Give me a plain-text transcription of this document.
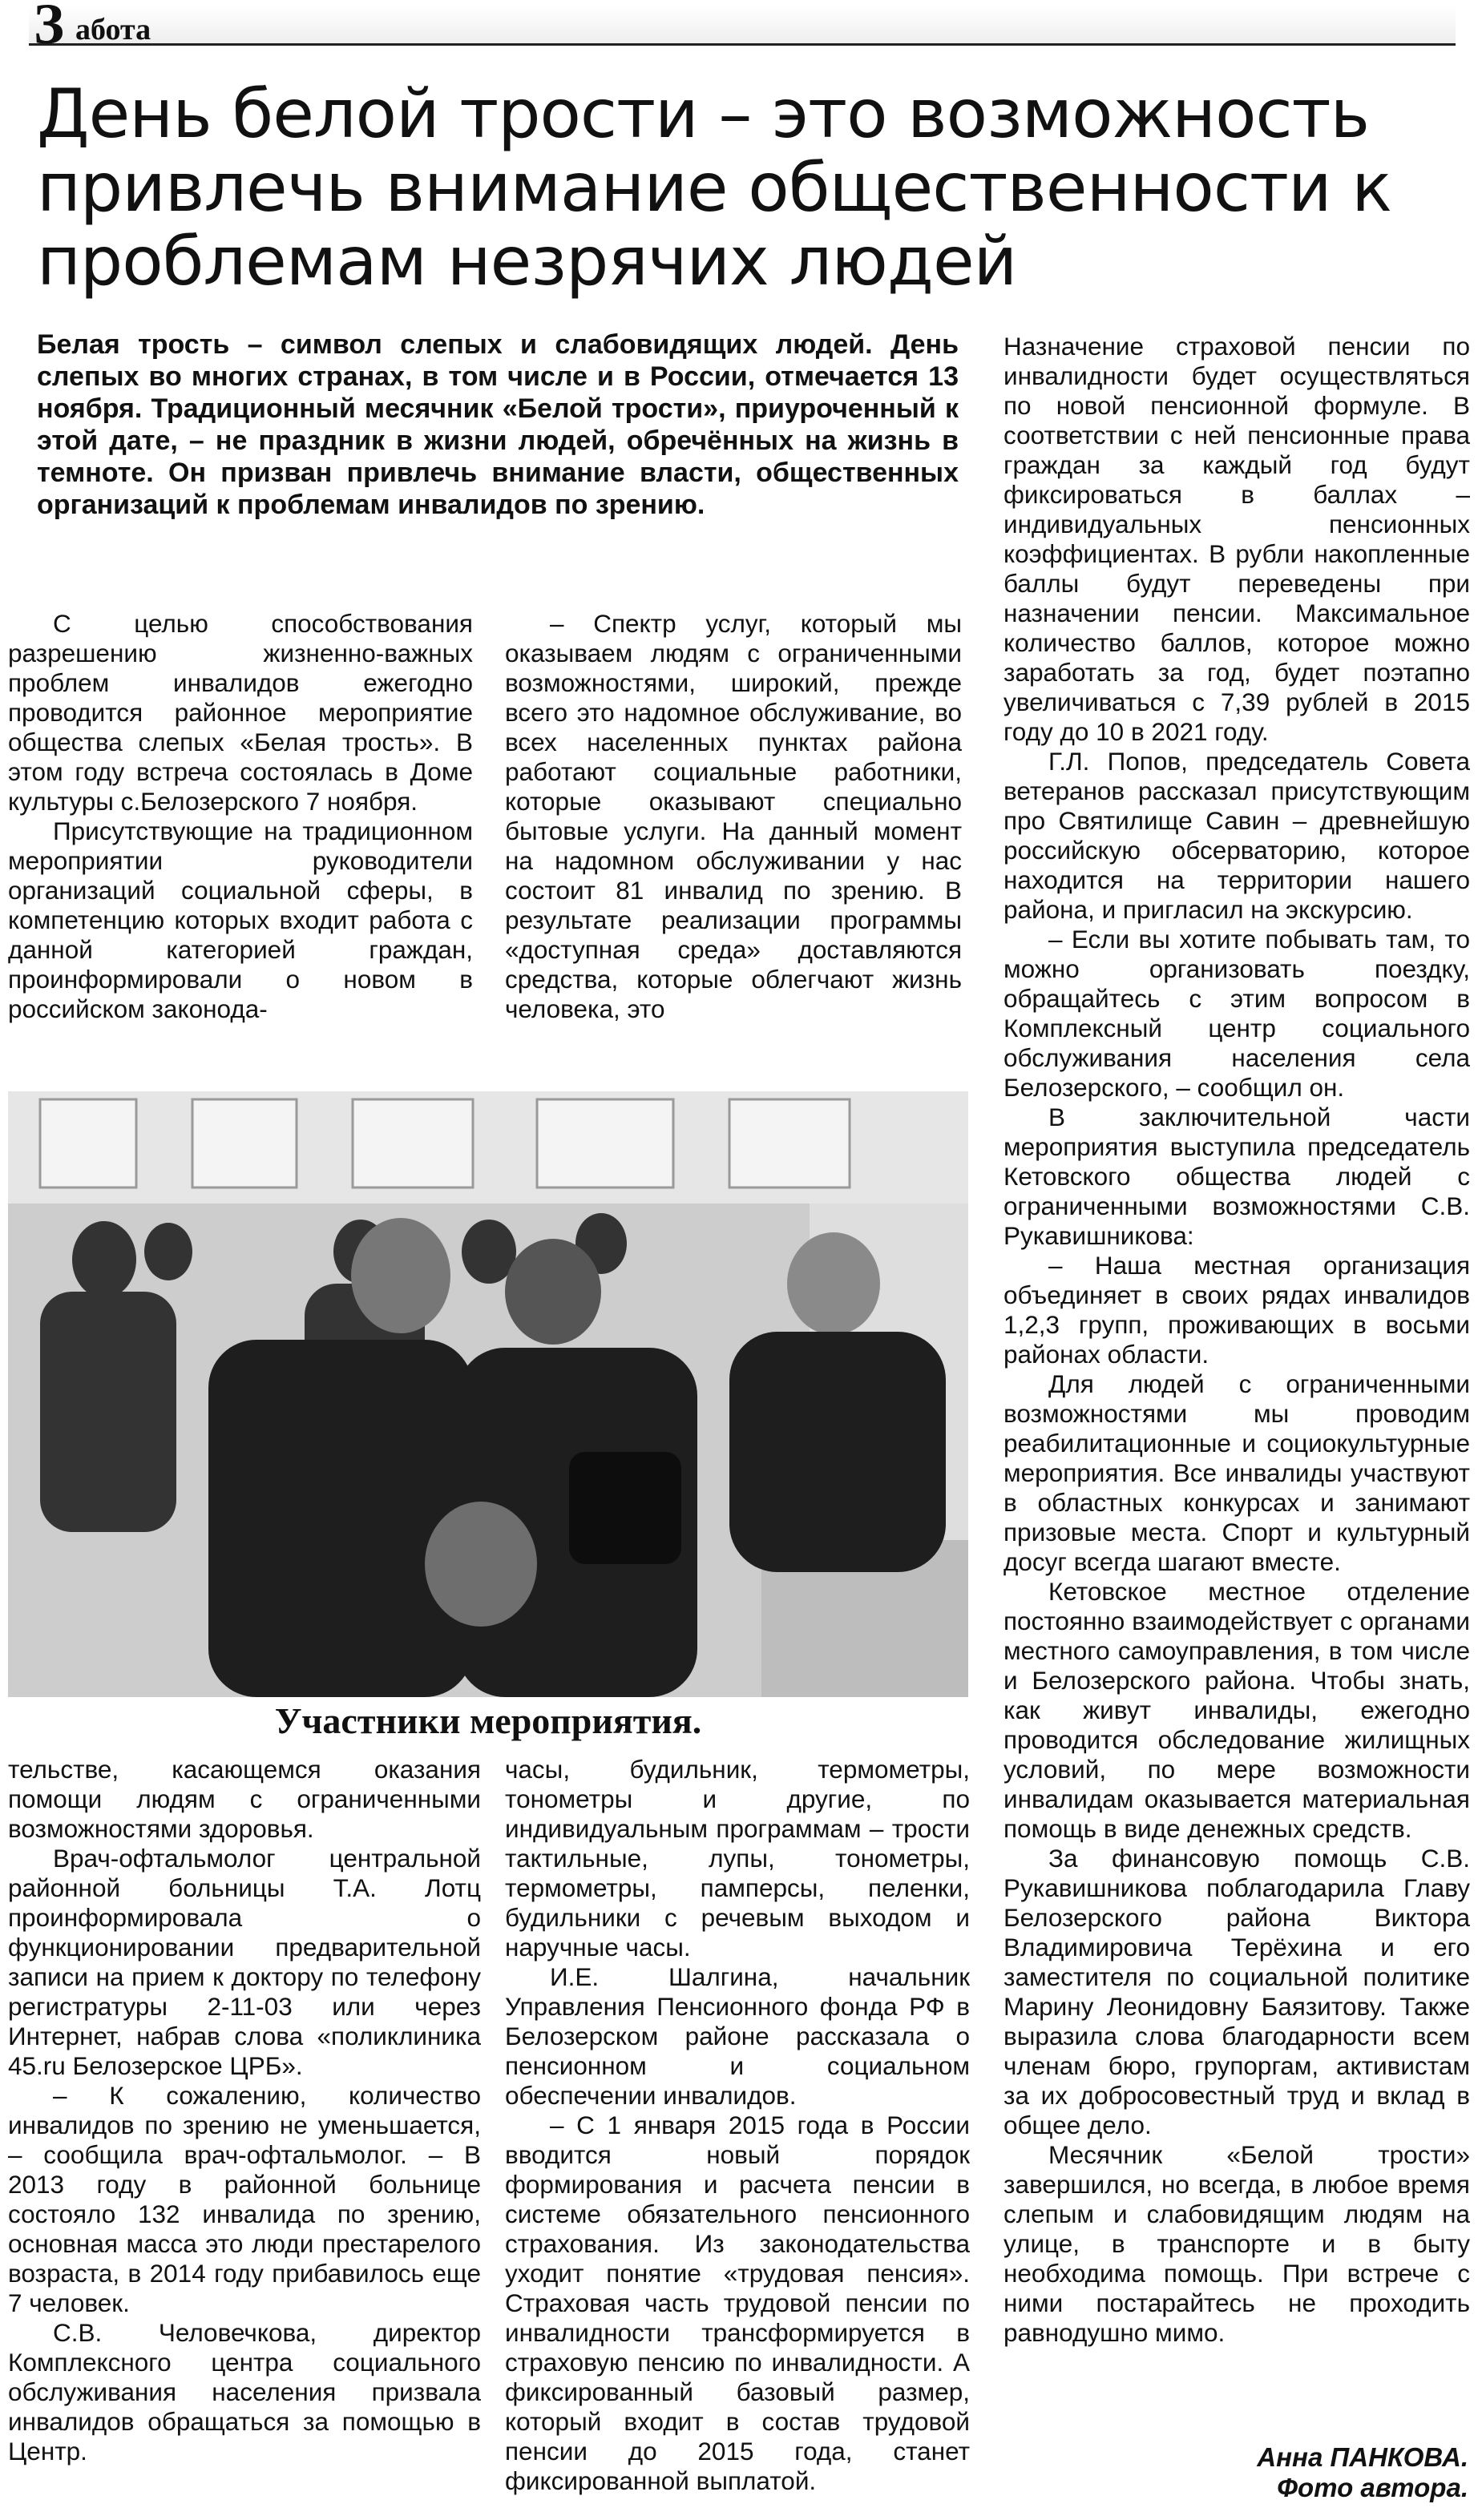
З абота
День белой трости – это возможность привлечь внимание общественности к проблемам незрячих людей

Белая трость – символ слепых и слабовидящих людей. День слепых во многих странах, в том числе и в России, отмечается 13 ноября. Традиционный месячник «Белой трости», приуроченный к этой дате, – не праздник в жизни людей, обречённых на жизнь в темноте. Он призван привлечь внимание власти, общественных организаций к проблемам инвалидов по зрению.

С целью способствования разрешению жизненно-важных проблем инвалидов ежегодно проводится районное мероприятие общества слепых «Белая трость». В этом году встреча состоялась в Доме культуры с.Белозерского 7 ноября.

Присутствующие на традиционном мероприятии руководители организаций социальной сферы, в компетенцию которых входит работа с данной категорией граждан, проинформировали о новом в российском законода-

– Спектр услуг, который мы оказываем людям с ограниченными возможностями, широкий, прежде всего это надомное обслуживание, во всех населенных пунктах района работают социальные работники, которые оказывают специально бытовые услуги. На данный момент на надомном обслуживании у нас состоит 81 инвалид по зрению. В результате реализации программы «доступная среда» доставляются средства, которые облегчают жизнь человека, это

Участники мероприятия.

тельстве, касающемся оказания помощи людям с ограниченными возможностями здоровья.

Врач-офтальмолог центральной районной больницы Т.А. Лотц проинформировала о функционировании предварительной записи на прием к доктору по телефону регистратуры 2-11-03 или через Интернет, набрав слова «поликлиника 45.ru Белозерское ЦРБ».

– К сожалению, количество инвалидов по зрению не уменьшается, – сообщила врач-офтальмолог. – В 2013 году в районной больнице состояло 132 инвалида по зрению, основная масса это люди престарелого возраста, в 2014 году прибавилось еще 7 человек.

С.В. Человечкова, директор Комплексного центра социального обслуживания населения призвала инвалидов обращаться за помощью в Центр.

часы, будильник, термометры, тонометры и другие, по индивидуальным программам – трости тактильные, лупы, тонометры, термометры, памперсы, пеленки, будильники с речевым выходом и наручные часы.

И.Е. Шалгина, начальник Управления Пенсионного фонда РФ в Белозерском районе рассказала о пенсионном и социальном обеспечении инвалидов.

– С 1 января 2015 года в России вводится новый порядок формирования и расчета пенсии в системе обязательного пенсионного страхования. Из законодательства уходит понятие «трудовая пенсия». Страховая часть трудовой пенсии по инвалидности трансформируется в страховую пенсию по инвалидности. А фиксированный базовый размер, который входит в состав трудовой пенсии до 2015 года, станет фиксированной выплатой.

Назначение страховой пенсии по инвалидности будет осуществляться по новой пенсионной формуле. В соответствии с ней пенсионные права граждан за каждый год будут фиксироваться в баллах – индивидуальных пенсионных коэффициентах. В рубли накопленные баллы будут переведены при назначении пенсии. Максимальное количество баллов, которое можно заработать за год, будет поэтапно увеличиваться с 7,39 рублей в 2015 году до 10 в 2021 году.

Г.Л. Попов, председатель Совета ветеранов рассказал присутствующим про Святилище Савин – древнейшую российскую обсерваторию, которое находится на территории нашего района, и пригласил на экскурсию.

– Если вы хотите побывать там, то можно организовать поездку, обращайтесь с этим вопросом в Комплексный центр социального обслуживания населения села Белозерского, – сообщил он.

В заключительной части мероприятия выступила председатель Кетовского общества людей с ограниченными возможностями С.В. Рукавишникова:

– Наша местная организация объединяет в своих рядах инвалидов 1,2,3 групп, проживающих в восьми районах области.

Для людей с ограниченными возможностями мы проводим реабилитационные и социокультурные мероприятия. Все инвалиды участвуют в областных конкурсах и занимают призовые места. Спорт и культурный досуг всегда шагают вместе.

Кетовское местное отделение постоянно взаимодействует с органами местного самоуправления, в том числе и Белозерского района. Чтобы знать, как живут инвалиды, ежегодно проводится обследование жилищных условий, по мере возможности инвалидам оказывается материальная помощь в виде денежных средств.

За финансовую помощь С.В. Рукавишникова поблагодарила Главу Белозерского района Виктора Владимировича Терёхина и его заместителя по социальной политике Марину Леонидовну Баязитову. Также выразила слова благодарности всем членам бюро, групоргам, активистам за их добросовестный труд и вклад в общее дело.

Месячник «Белой трости» завершился, но всегда, в любое время слепым и слабовидящим людям на улице, в транспорте и в быту необходима помощь. При встрече с ними постарайтесь не проходить равнодушно мимо.

Анна ПАНКОВА.
Фото автора.
